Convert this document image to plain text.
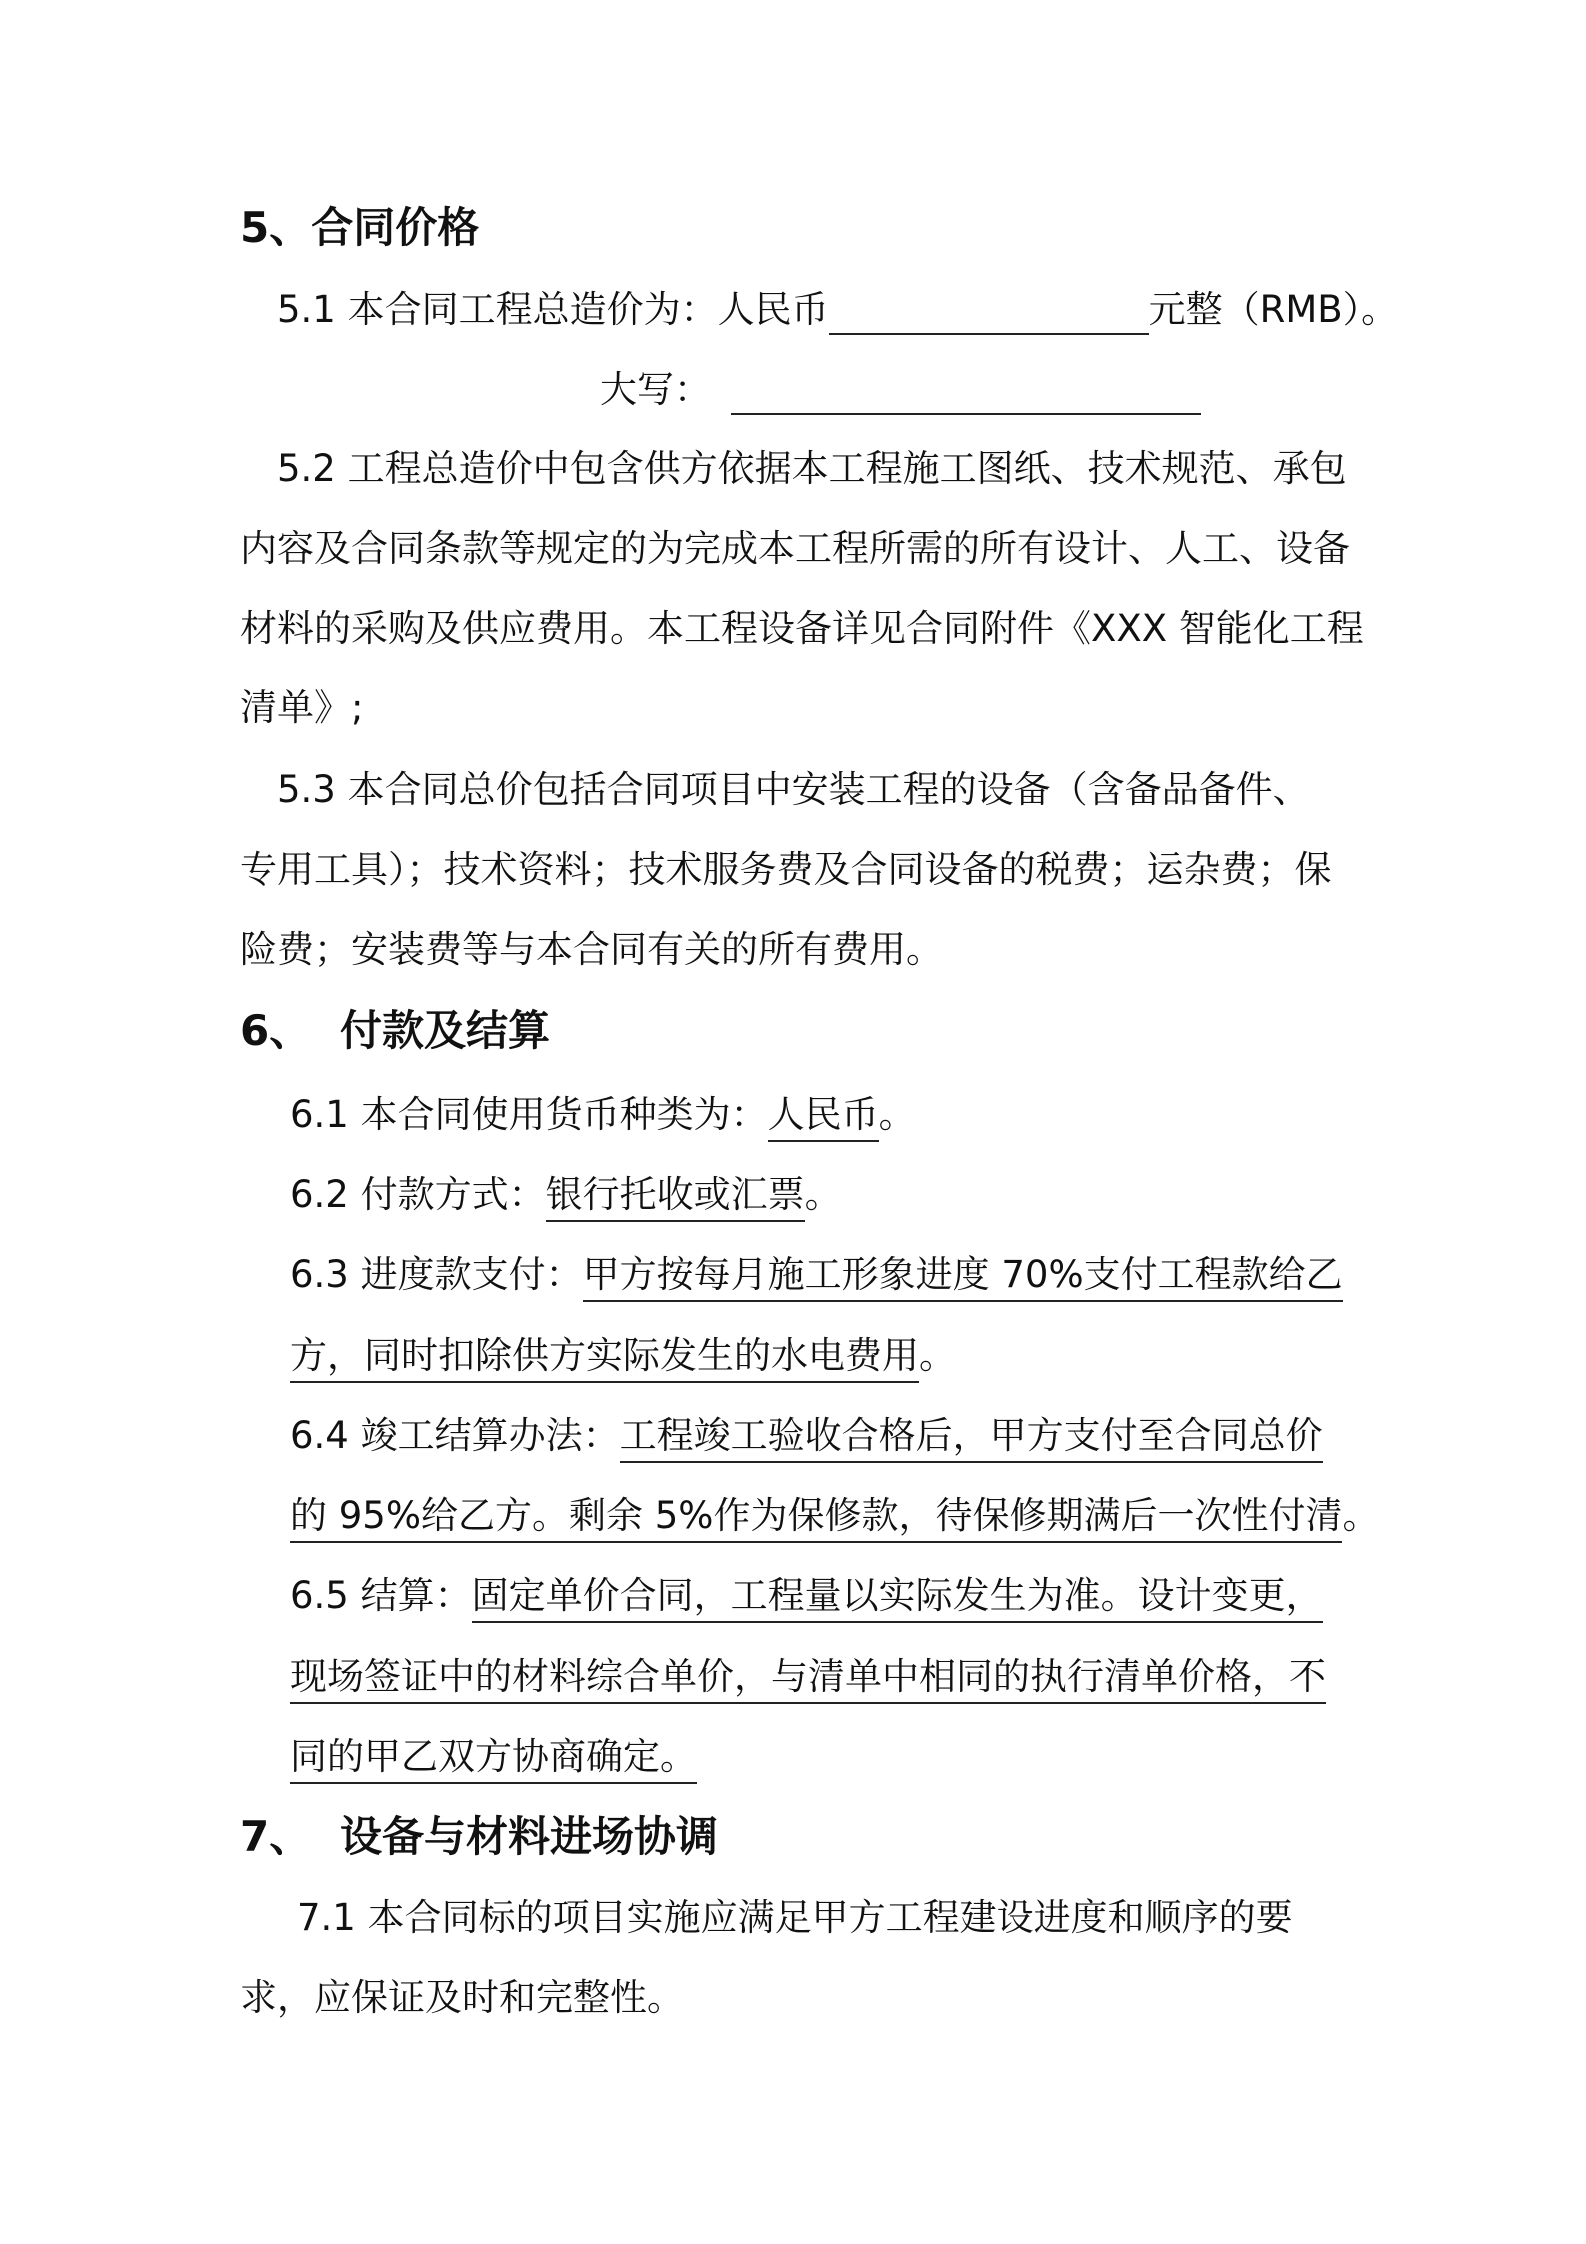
5、合同价格
5.1 本合同工程总造价为：人民币	元整（RMB）。
大写：
5.2 工程总造价中包含供方依据本工程施工图纸、技术规范、承包
内容及合同条款等规定的为完成本工程所需的所有设计、人工、设备
材料的采购及供应费用。本工程设备详见合同附件《XXX 智能化工程
清单》;
5.3 本合同总价包括合同项目中安装工程的设备（含备品备件、
专用工具）；技术资料；技术服务费及合同设备的税费；运杂费；保
险费；安装费等与本合同有关的所有费用。
6、 付款及结算
6.1 本合同使用货币种类为：人民币。
6.2 付款方式：银行托收或汇票。
6.3 进度款支付：甲方按每月施工形象进度 70%支付工程款给乙
方，同时扣除供方实际发生的水电费用。
6.4 竣工结算办法：工程竣工验收合格后，甲方支付至合同总价
的 95%给乙方。剩余 5%作为保修款，待保修期满后一次性付清。
6.5 结算：固定单价合同，工程量以实际发生为准。设计变更，
现场签证中的材料综合单价，与清单中相同的执行清单价格，不
同的甲乙双方协商确定。
7、 设备与材料进场协调
7.1 本合同标的项目实施应满足甲方工程建设进度和顺序的要
求，应保证及时和完整性。
